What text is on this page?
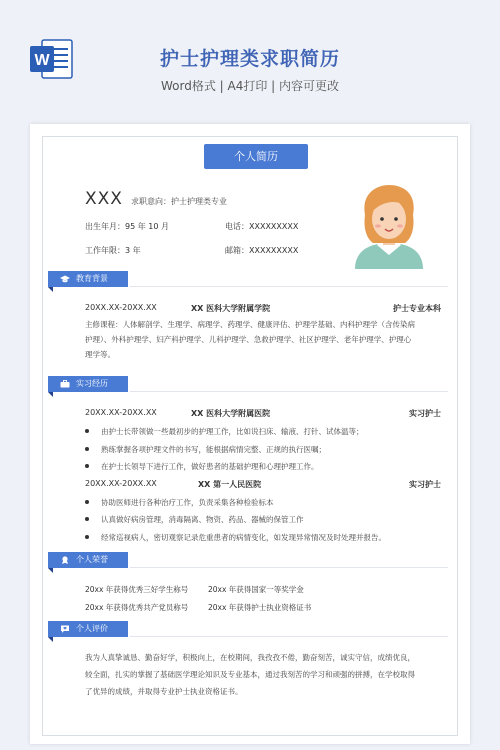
W	护士护理类求职简历
Word格式 | A4打印 | 内容可更改
个人简历
XXX 求职意向：护士护理类专业
出生年月：95 年 10 月	电话：XXXXXXXXX
工作年限：3 年	邮箱：XXXXXXXXX
教育背景
20XX.XX-20XX.XX	XX 医科大学附属学院	护士专业本科
主修课程：人体解剖学、生理学、病理学、药理学、健康评估、护理学基础、内科护理学（含传染病
护理）、外科护理学、妇产科护理学、儿科护理学、急救护理学、社区护理学、老年护理学、护理心
理学等。
实习经历
20XX.XX-20XX.XX	XX 医科大学附属医院	实习护士
由护士长带领做一些最初步的护理工作，比如说扫床、输液、打针、试体温等；
熟练掌握各项护理文件的书写，能根据病情完整、正规的执行医嘱；
在护士长领导下进行工作，做好患者的基础护理和心理护理工作。
20XX.XX-20XX.XX	XX 第一人民医院	实习护士
协助医师进行各种治疗工作，负责采集各种检验标本
认真做好病房管理，消毒隔离、物资、药品、器械的保管工作
经常巡视病人，密切观察记录危重患者的病情变化，如发现异常情况及时处理并报告。
个人荣誉
20xx 年获得优秀三好学生称号	20xx 年获得国家一等奖学金
20xx 年获得优秀共产党员称号	20xx 年获得护士执业资格证书
个人评价
我为人真挚诚恳、勤奋好学，积极向上，在校期间，我孜孜不倦，勤奋刻苦，诚实守信，成绩优良，
较全面，扎实的掌握了基础医学理论知识及专业基本，通过我刻苦的学习和顽强的拼搏，在学校取得
了优异的成绩，并取得专业护士执业资格证书。
